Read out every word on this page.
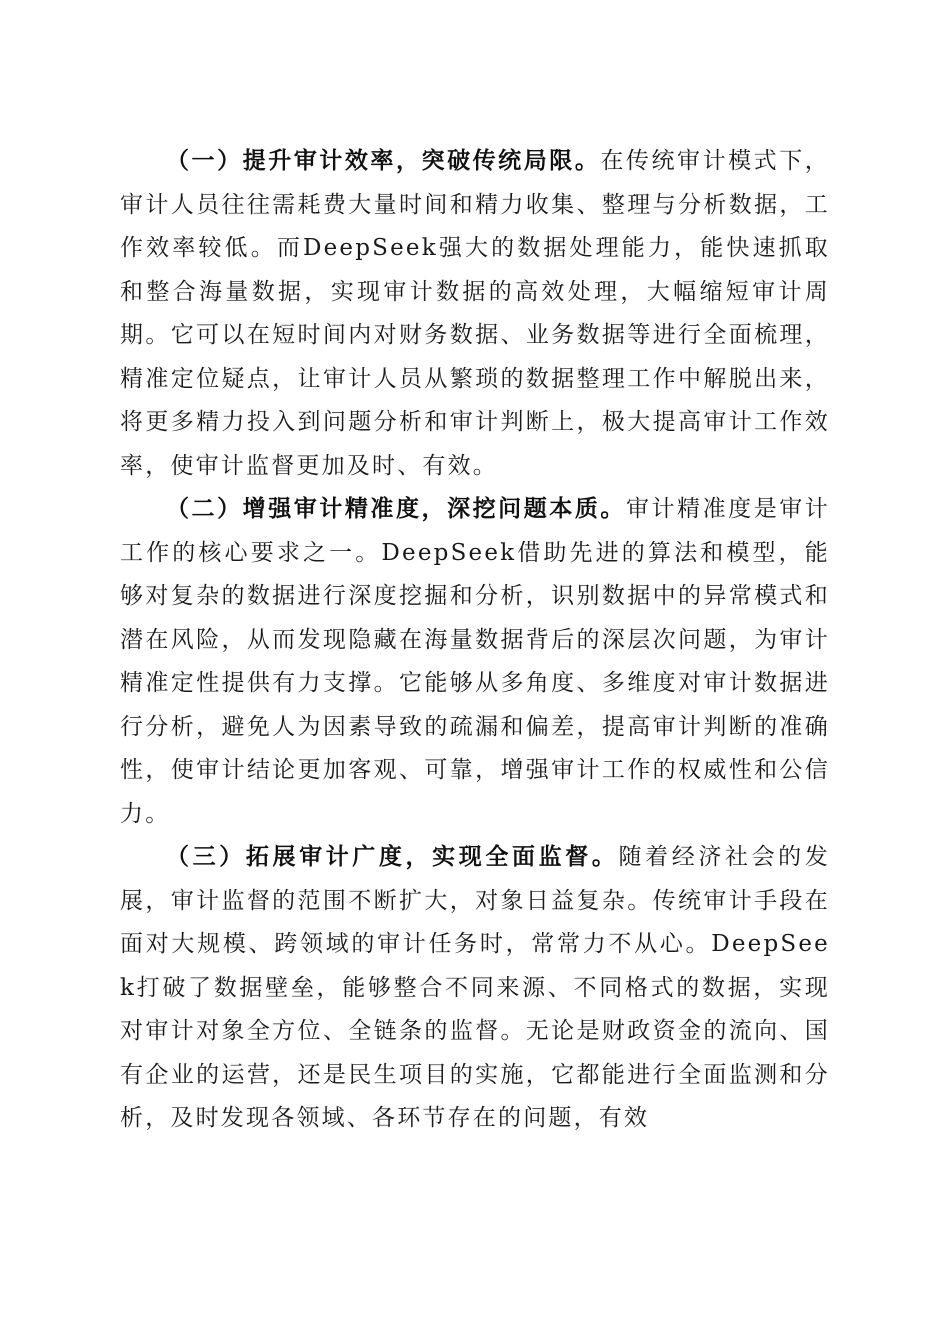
（一）提升审计效率，突破传统局限。在传统审计模式下，审计人员往往需耗费大量时间和精力收集、整理与分析数据，工作效率较低。而DeepSeek强大的数据处理能力，能快速抓取和整合海量数据，实现审计数据的高效处理，大幅缩短审计周期。它可以在短时间内对财务数据、业务数据等进行全面梳理，精准定位疑点，让审计人员从繁琐的数据整理工作中解脱出来，将更多精力投入到问题分析和审计判断上，极大提高审计工作效率，使审计监督更加及时、有效。

（二）增强审计精准度，深挖问题本质。审计精准度是审计工作的核心要求之一。DeepSeek借助先进的算法和模型，能够对复杂的数据进行深度挖掘和分析，识别数据中的异常模式和潜在风险，从而发现隐藏在海量数据背后的深层次问题，为审计精准定性提供有力支撑。它能够从多角度、多维度对审计数据进行分析，避免人为因素导致的疏漏和偏差，提高审计判断的准确性，使审计结论更加客观、可靠，增强审计工作的权威性和公信力。

（三）拓展审计广度，实现全面监督。随着经济社会的发展，审计监督的范围不断扩大，对象日益复杂。传统审计手段在面对大规模、跨领域的审计任务时，常常力不从心。DeepSeek打破了数据壁垒，能够整合不同来源、不同格式的数据，实现对审计对象全方位、全链条的监督。无论是财政资金的流向、国有企业的运营，还是民生项目的实施，它都能进行全面监测和分析，及时发现各领域、各环节存在的问题，有效
